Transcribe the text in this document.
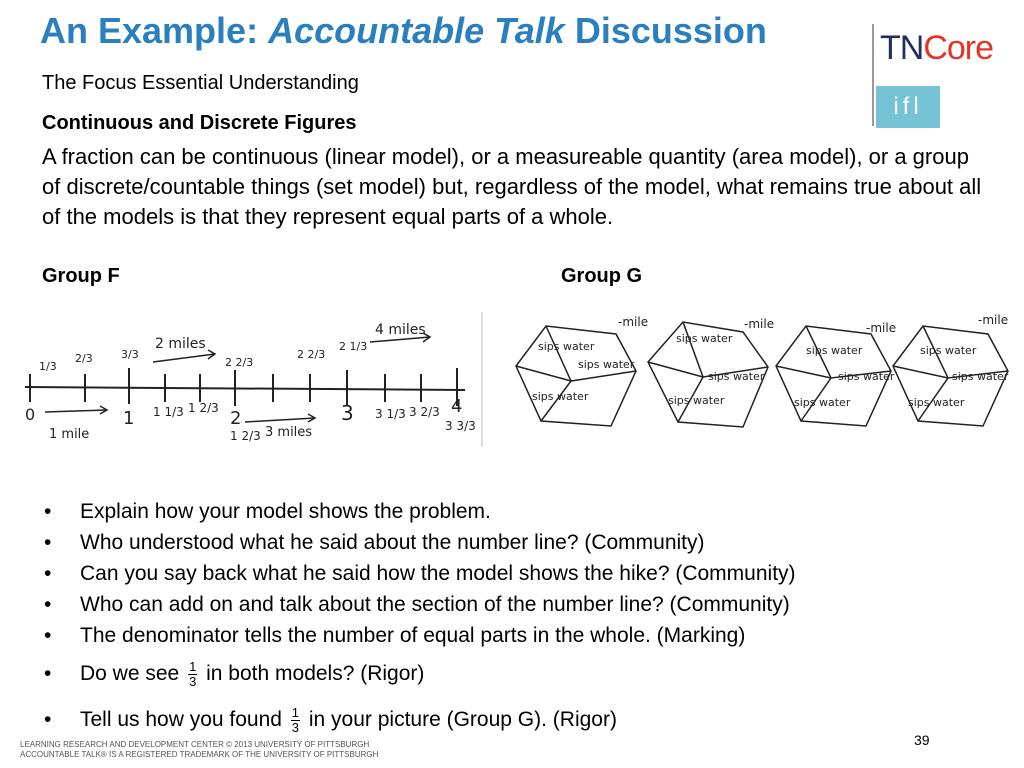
An Example: Accountable Talk Discussion	TNCore
ifl
The Focus Essential Understanding
Continuous and Discrete Figures
A fraction can be continuous (linear model), or a measureable quantity (area model), or a group of discrete/countable things (set model) but, regardless of the model, what remains true about all of the models is that they represent equal parts of a whole.
Group F	Group G
1/3
2/3	3/3
2 miles
2 2/3
2 2/3
2 1/3
4 miles
0
1 mile
1 1 1/3 1 2/3 2
1 2/3 3 miles
3 3 1/3 3 2/3 4
3 3/3
sips water
sips water
sips water
sips water
sips water
sips water
sips water
sips water
sips water
sips water
sips water
sips water
-mile	-mile	-mile
-mile
• Explain how your model shows the problem.
• Who understood what he said about the number line? (Community)
• Can you say back what he said how the model shows the hike? (Community)
• Who can add on and talk about the section of the number line? (Community)
• The denominator tells the number of equal parts in the whole. (Marking)
• Do we see $\frac{1}{3}$ in both models? (Rigor)
• Tell us how you found $\frac{1}{3}$ in your picture (Group G). (Rigor)
LEARNING RESEARCH AND DEVELOPMENT CENTER © 2013 UNIVERSITY OF PITTSBURGH
ACCOUNTABLE TALK® IS A REGISTERED TRADEMARK OF THE UNIVERSITY OF PITTSBURGH
39
